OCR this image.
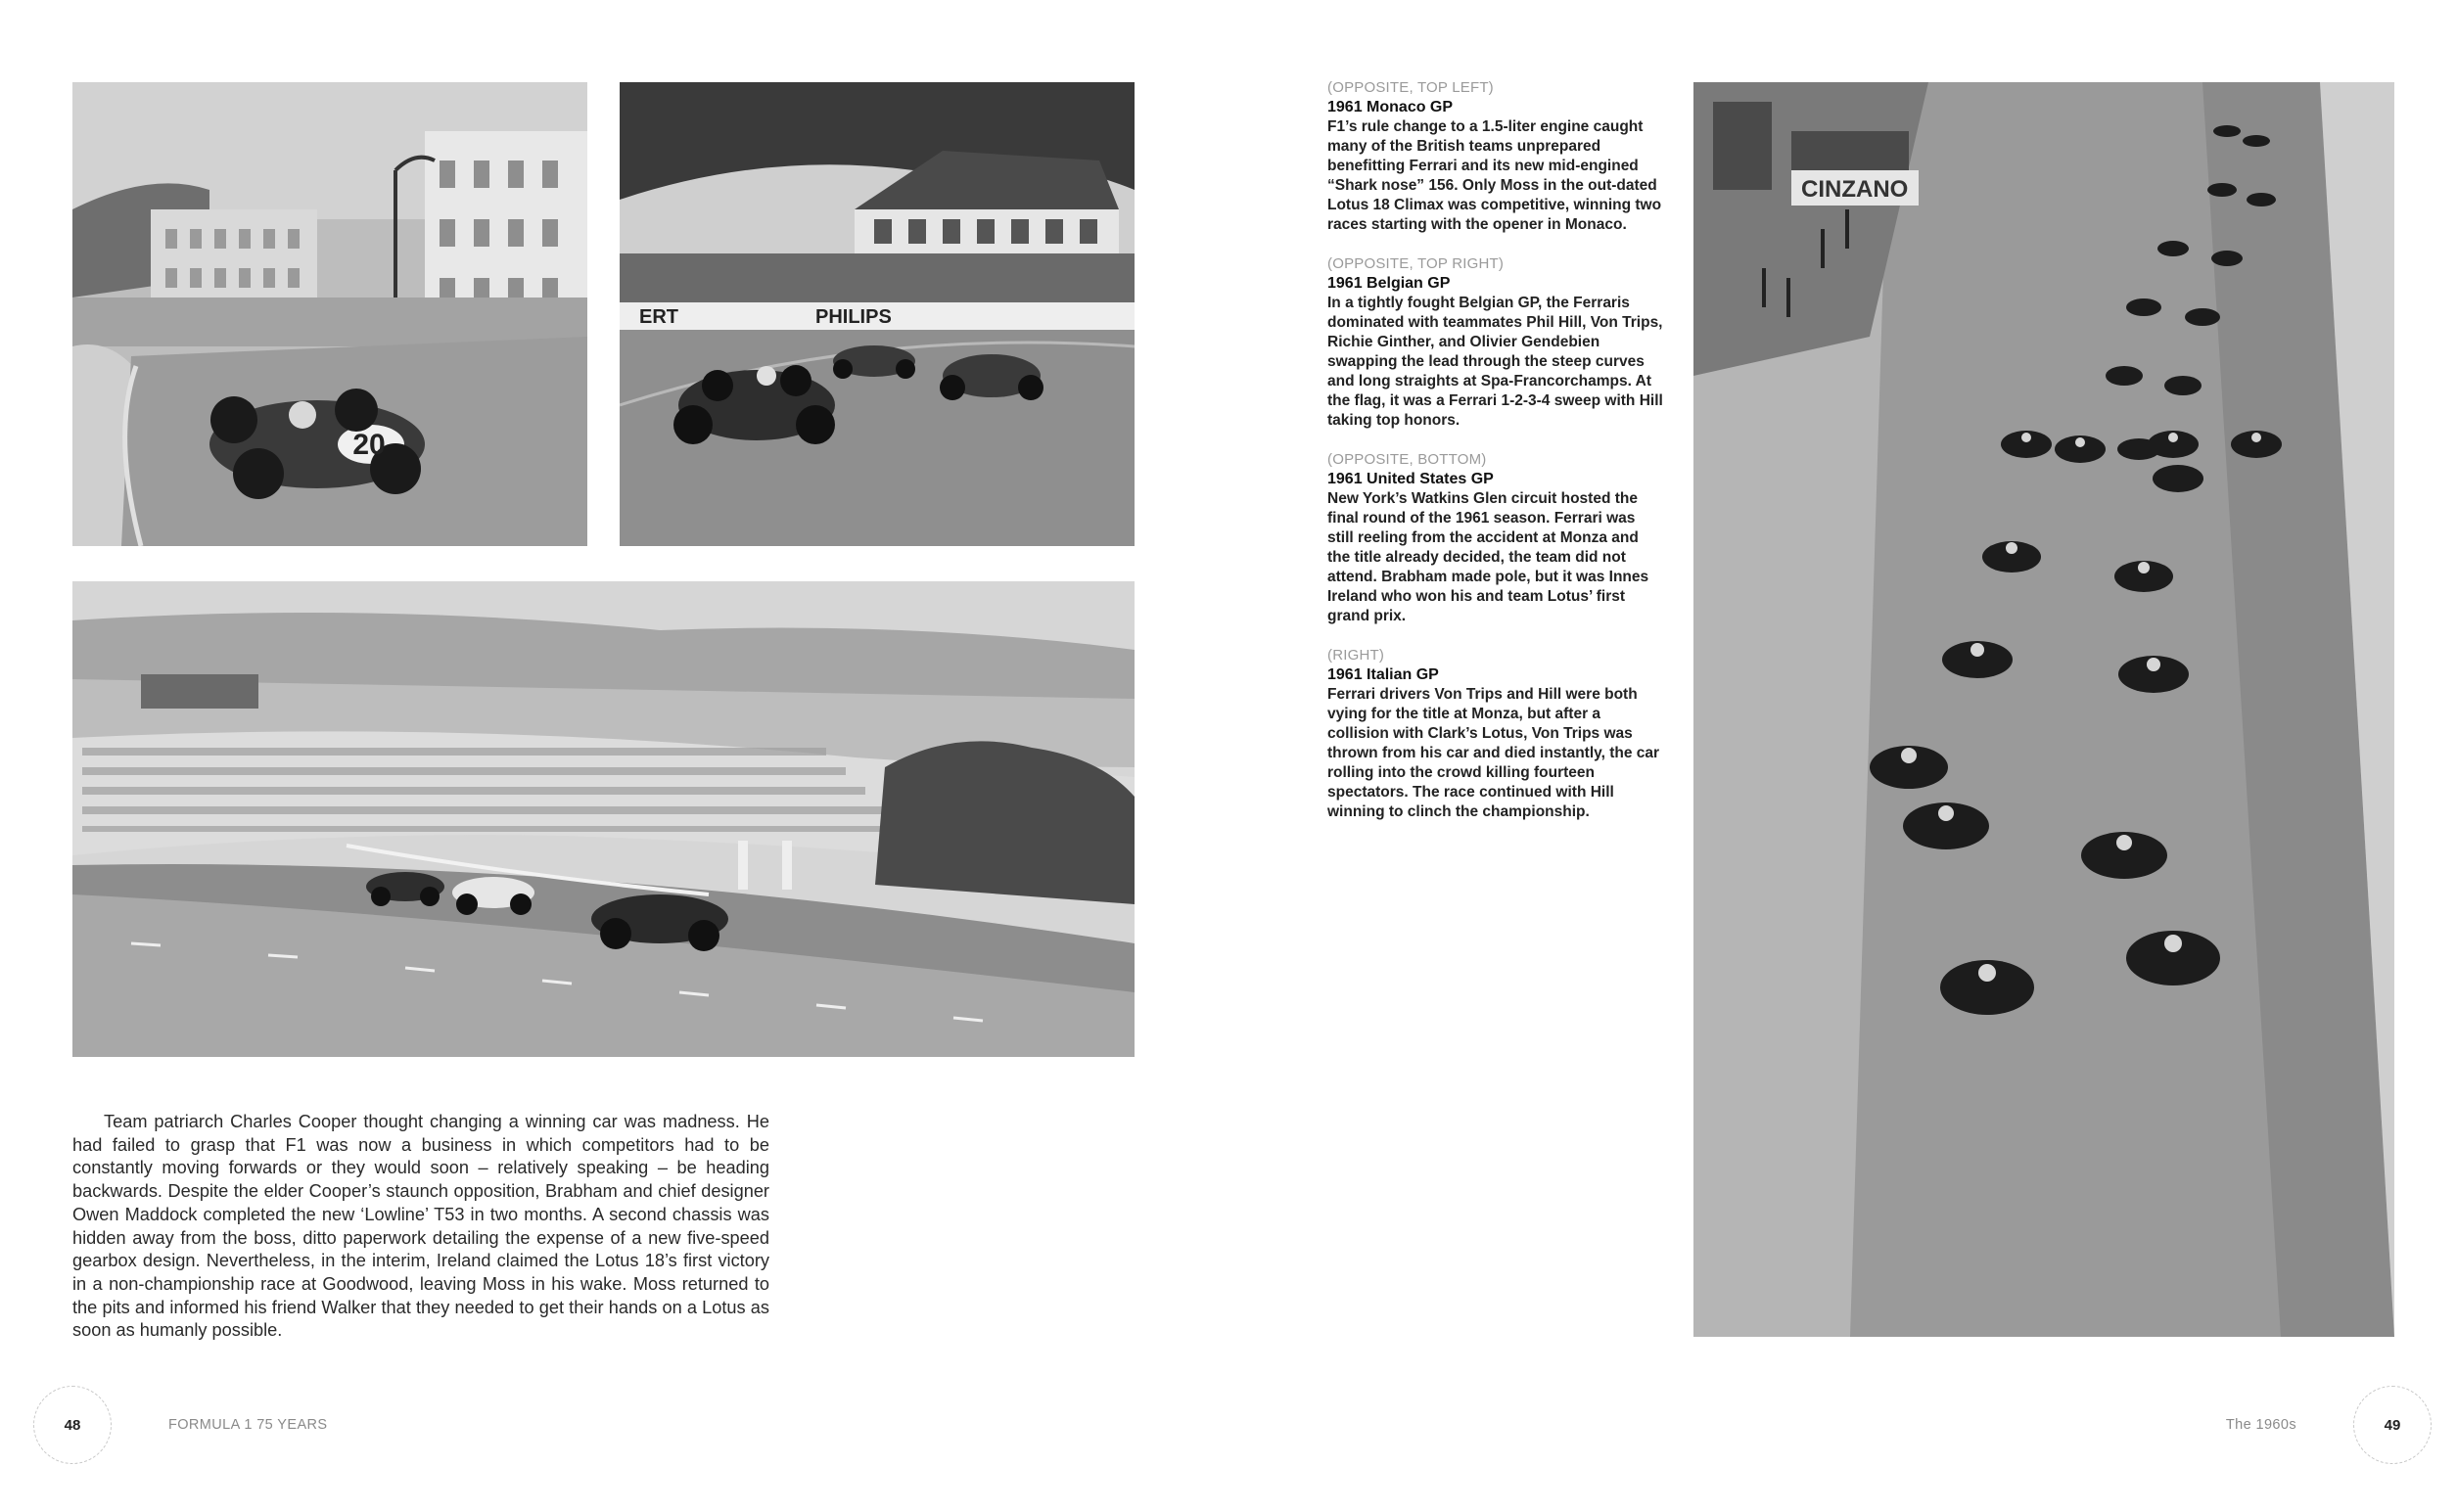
20
ERT	PHILIPS
(OPPOSITE, TOP LEFT)
1961 Monaco GP
F1’s rule change to a 1.5-liter engine caught many of the British teams unprepared benefitting Ferrari and its new mid-engined “Shark nose” 156. Only Moss in the out-dated Lotus 18 Climax was competitive, winning two races starting with the opener in Monaco.
(OPPOSITE, TOP RIGHT)
1961 Belgian GP
In a tightly fought Belgian GP, the Ferraris dominated with teammates Phil Hill, Von Trips, Richie Ginther, and Olivier Gendebien swapping the lead through the steep curves and long straights at Spa-Francorchamps. At the flag, it was a Ferrari 1-2-3-4 sweep with Hill taking top honors.
(OPPOSITE, BOTTOM)
1961 United States GP
New York’s Watkins Glen circuit hosted the final round of the 1961 season. Ferrari was still reeling from the accident at Monza and the title already decided, the team did not attend. Brabham made pole, but it was Innes Ireland who won his and team Lotus’ first grand prix.
(RIGHT)
1961 Italian GP
Ferrari drivers Von Trips and Hill were both vying for the title at Monza, but after a collision with Clark’s Lotus, Von Trips was thrown from his car and died instantly, the car rolling into the crowd killing fourteen spectators. The race continued with Hill winning to clinch the championship.
CINZANO

Team patriarch Charles Cooper thought changing a winning car was madness. He had failed to grasp that F1 was now a business in which competitors had to be constantly moving forwards or they would soon – relatively speaking – be heading backwards. Despite the elder Cooper’s staunch opposition, Brabham and chief designer Owen Maddock completed the new ‘Lowline’ T53 in two months. A second chassis was hidden away from the boss, ditto paperwork detailing the expense of a new five-speed gearbox design. Nevertheless, in the interim, Ireland claimed the Lotus 18’s first victory in a non-championship race at Goodwood, leaving Moss in his wake. Moss returned to the pits and informed his friend Walker that they needed to get their hands on a Lotus as soon as humanly possible.

48	FORMULA 1 75 YEARS	The 1960s	49
